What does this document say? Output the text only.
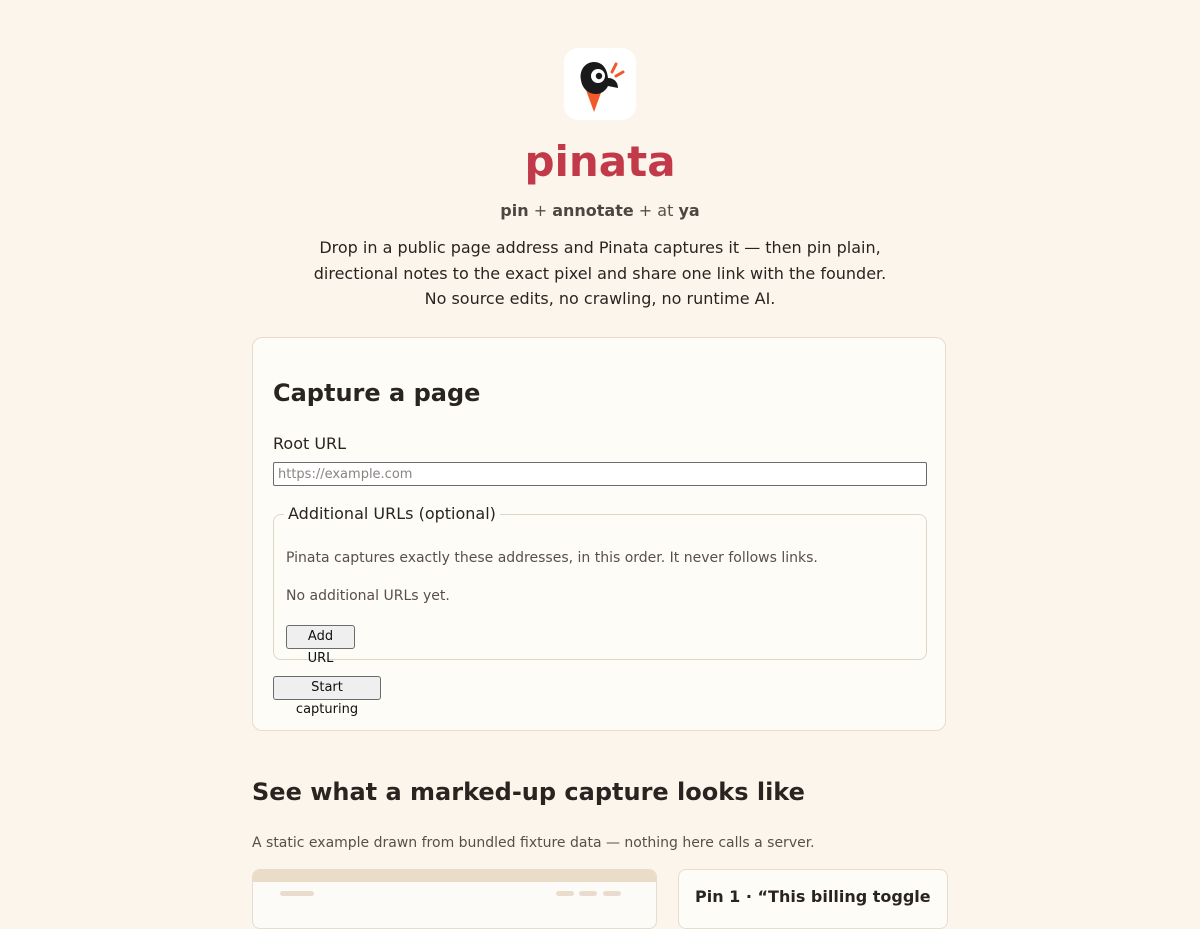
pinata
pin + annotate + at ya
Drop in a public page address and Pinata captures it — then pin plain,
directional notes to the exact pixel and share one link with the founder.
No source edits, no crawling, no runtime AI.
Capture a page
Root URL
https://example.com
Additional URLs (optional)
Pinata captures exactly these addresses, in this order. It never follows links.
No additional URLs yet.
Add URL
Start capturing
See what a marked-up capture looks like
A static example drawn from bundled fixture data — nothing here calls a server.
Pin 1 · “This billing toggle
